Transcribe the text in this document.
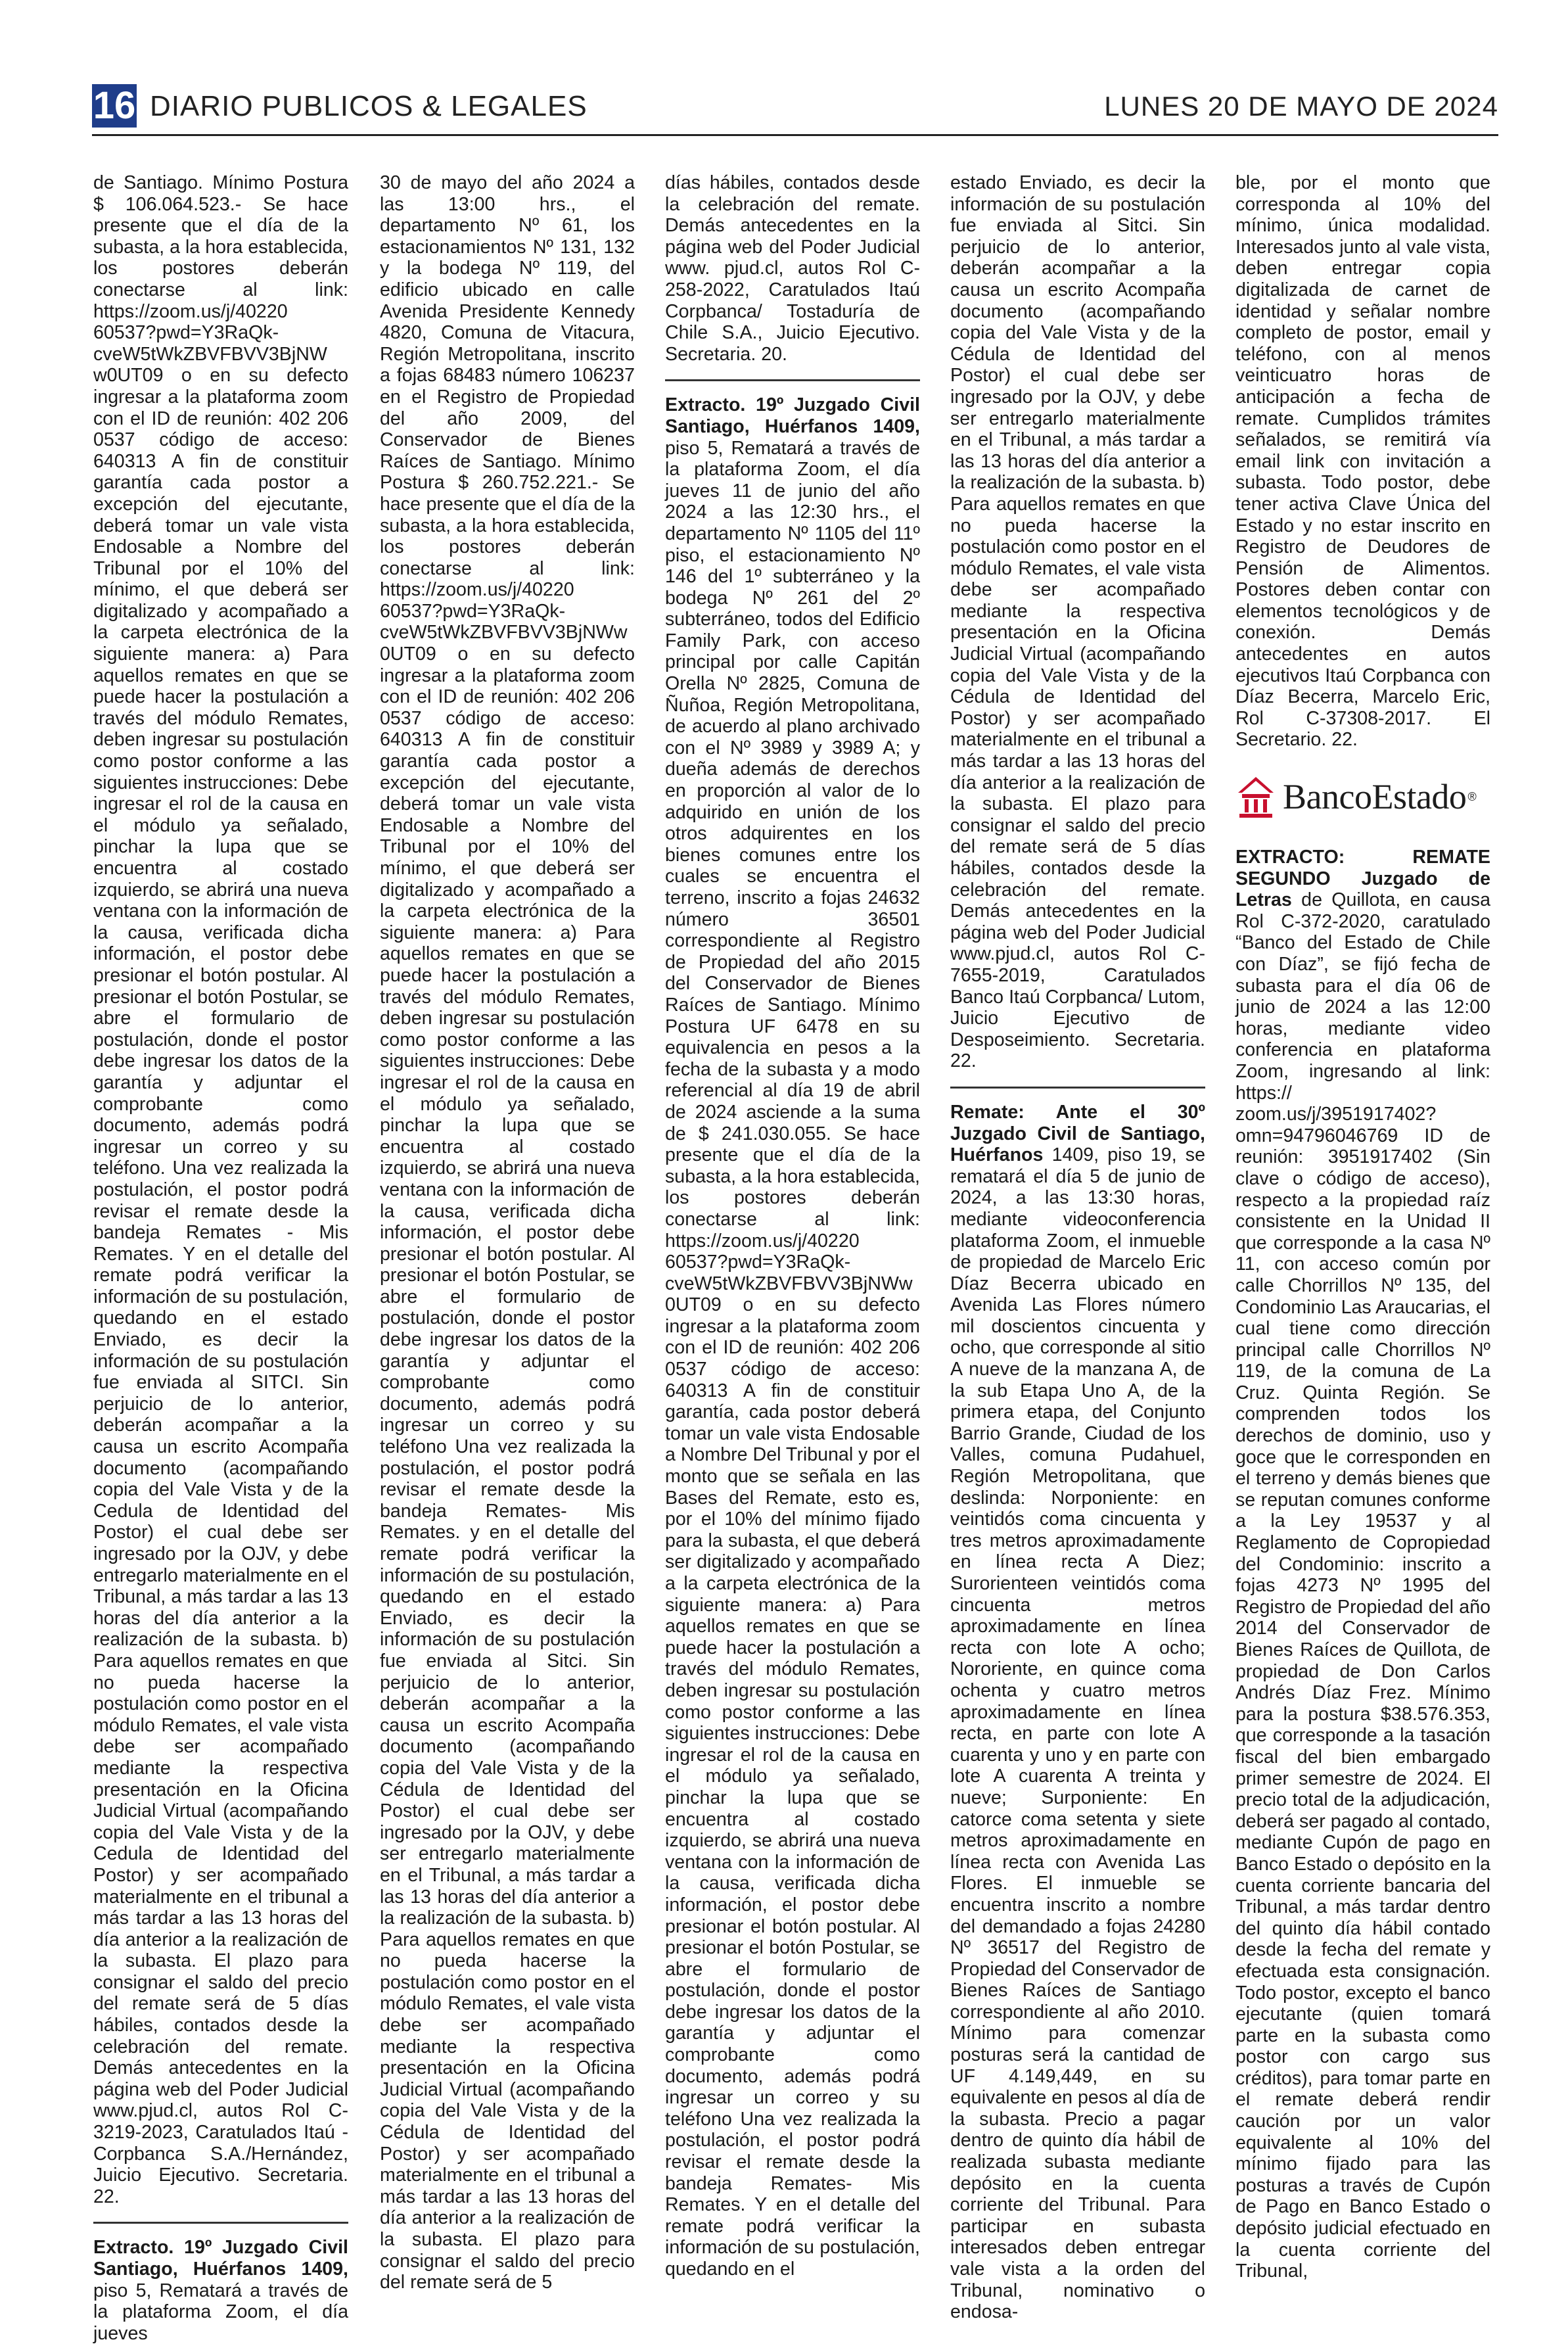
16 DIARIO PUBLICOS & LEGALES	LUNES 20 DE MAYO DE 2024

de Santiago. Mínimo Postura $ 106.064.523.- Se hace presente que el día de la subasta, a la hora establecida, los postores deberán conectarse al link: https://zoom.us/j/40220 60537?pwd=Y3RaQk-cveW5tWkZBVFBVV3BjNW w0UT09 o en su defecto ingresar a la plataforma zoom con el ID de reunión: 402 206 0537 código de acceso: 640313 A fin de constituir garantía cada postor a excepción del ejecutante, deberá tomar un vale vista Endosable a Nombre del Tribunal por el 10% del mínimo, el que deberá ser digitalizado y acompañado a la carpeta electrónica de la siguiente manera: a) Para aquellos remates en que se puede hacer la postulación a través del módulo Remates, deben ingresar su postulación como postor conforme a las siguientes instrucciones: Debe ingresar el rol de la causa en el módulo ya señalado, pinchar la lupa que se encuentra al costado izquierdo, se abrirá una nueva ventana con la información de la causa, verificada dicha información, el postor debe presionar el botón postular. Al presionar el botón Postular, se abre el formulario de postulación, donde el postor debe ingresar los datos de la garantía y adjuntar el comprobante como documento, además podrá ingresar un correo y su teléfono. Una vez realizada la postulación, el postor podrá revisar el remate desde la bandeja Remates - Mis Remates. Y en el detalle del remate podrá verificar la información de su postulación, quedando en el estado Enviado, es decir la información de su postulación fue enviada al SITCI. Sin perjuicio de lo anterior, deberán acompañar a la causa un escrito Acompaña documento (acompañando copia del Vale Vista y de la Cedula de Identidad del Postor) el cual debe ser ingresado por la OJV, y debe entregarlo materialmente en el Tribunal, a más tardar a las 13 horas del día anterior a la realización de la subasta. b) Para aquellos remates en que no pueda hacerse la postulación como postor en el módulo Remates, el vale vista debe ser acompañado mediante la respectiva presentación en la Oficina Judicial Virtual (acompañando copia del Vale Vista y de la Cedula de Identidad del Postor) y ser acompañado materialmente en el tribunal a más tardar a las 13 horas del día anterior a la realización de la subasta. El plazo para consignar el saldo del precio del remate será de 5 días hábiles, contados desde la celebración del remate. Demás antecedentes en la página web del Poder Judicial www.pjud.cl, autos Rol C-3219-2023, Caratulados Itaú - Corpbanca S.A./Hernández, Juicio Ejecutivo. Secretaria. 22.

Extracto. 19º Juzgado Civil Santiago, Huérfanos 1409, piso 5, Rematará a través de la plataforma Zoom, el día jueves

30 de mayo del año 2024 a las 13:00 hrs., el departamento Nº 61, los estacionamientos Nº 131, 132 y la bodega Nº 119, del edificio ubicado en calle Avenida Presidente Kennedy 4820, Comuna de Vitacura, Región Metropolitana, inscrito a fojas 68483 número 106237 en el Registro de Propiedad del año 2009, del Conservador de Bienes Raíces de Santiago. Mínimo Postura $ 260.752.221.- Se hace presente que el día de la subasta, a la hora establecida, los postores deberán conectarse al link: https://zoom.us/j/40220 60537?pwd=Y3RaQk-cveW5tWkZBVFBVV3BjNWw 0UT09 o en su defecto ingresar a la plataforma zoom con el ID de reunión: 402 206 0537 código de acceso: 640313 A fin de constituir garantía cada postor a excepción del ejecutante, deberá tomar un vale vista Endosable a Nombre del Tribunal por el 10% del mínimo, el que deberá ser digitalizado y acompañado a la carpeta electrónica de la siguiente manera: a) Para aquellos remates en que se puede hacer la postulación a través del módulo Remates, deben ingresar su postulación como postor conforme a las siguientes instrucciones: Debe ingresar el rol de la causa en el módulo ya señalado, pinchar la lupa que se encuentra al costado izquierdo, se abrirá una nueva ventana con la información de la causa, verificada dicha información, el postor debe presionar el botón postular. Al presionar el botón Postular, se abre el formulario de postulación, donde el postor debe ingresar los datos de la garantía y adjuntar el comprobante como documento, además podrá ingresar un correo y su teléfono Una vez realizada la postulación, el postor podrá revisar el remate desde la bandeja Remates- Mis Remates. y en el detalle del remate podrá verificar la información de su postulación, quedando en el estado Enviado, es decir la información de su postulación fue enviada al Sitci. Sin perjuicio de lo anterior, deberán acompañar a la causa un escrito Acompaña documento (acompañando copia del Vale Vista y de la Cédula de Identidad del Postor) el cual debe ser ingresado por la OJV, y debe ser entregarlo materialmente en el Tribunal, a más tardar a las 13 horas del día anterior a la realización de la subasta. b) Para aquellos remates en que no pueda hacerse la postulación como postor en el módulo Remates, el vale vista debe ser acompañado mediante la respectiva presentación en la Oficina Judicial Virtual (acompañando copia del Vale Vista y de la Cédula de Identidad del Postor) y ser acompañado materialmente en el tribunal a más tardar a las 13 horas del día anterior a la realización de la subasta. El plazo para consignar el saldo del precio del remate será de 5

días hábiles, contados desde la celebración del remate. Demás antecedentes en la página web del Poder Judicial www. pjud.cl, autos Rol C-258-2022, Caratulados Itaú Corpbanca/ Tostaduría de Chile S.A., Juicio Ejecutivo. Secretaria. 20.

Extracto. 19º Juzgado Civil Santiago, Huérfanos 1409, piso 5, Rematará a través de la plataforma Zoom, el día jueves 11 de junio del año 2024 a las 12:30 hrs., el departamento Nº 1105 del 11º piso, el estacionamiento Nº 146 del 1º subterráneo y la bodega Nº 261 del 2º subterráneo, todos del Edificio Family Park, con acceso principal por calle Capitán Orella Nº 2825, Comuna de Ñuñoa, Región Metropolitana, de acuerdo al plano archivado con el Nº 3989 y 3989 A; y dueña además de derechos en proporción al valor de lo adquirido en unión de los otros adquirentes en los bienes comunes entre los cuales se encuentra el terreno, inscrito a fojas 24632 número 36501 correspondiente al Registro de Propiedad del año 2015 del Conservador de Bienes Raíces de Santiago. Mínimo Postura UF 6478 en su equivalencia en pesos a la fecha de la subasta y a modo referencial al día 19 de abril de 2024 asciende a la suma de $ 241.030.055. Se hace presente que el día de la subasta, a la hora establecida, los postores deberán conectarse al link: https://zoom.us/j/40220 60537?pwd=Y3RaQk-cveW5tWkZBVFBVV3BjNWw 0UT09 o en su defecto ingresar a la plataforma zoom con el ID de reunión: 402 206 0537 código de acceso: 640313 A fin de constituir garantía, cada postor deberá tomar un vale vista Endosable a Nombre Del Tribunal y por el monto que se señala en las Bases del Remate, esto es, por el 10% del mínimo fijado para la subasta, el que deberá ser digitalizado y acompañado a la carpeta electrónica de la siguiente manera: a) Para aquellos remates en que se puede hacer la postulación a través del módulo Remates, deben ingresar su postulación como postor conforme a las siguientes instrucciones: Debe ingresar el rol de la causa en el módulo ya señalado, pinchar la lupa que se encuentra al costado izquierdo, se abrirá una nueva ventana con la información de la causa, verificada dicha información, el postor debe presionar el botón postular. Al presionar el botón Postular, se abre el formulario de postulación, donde el postor debe ingresar los datos de la garantía y adjuntar el comprobante como documento, además podrá ingresar un correo y su teléfono Una vez realizada la postulación, el postor podrá revisar el remate desde la bandeja Remates- Mis Remates. Y en el detalle del remate podrá verificar la información de su postulación, quedando en el

estado Enviado, es decir la información de su postulación fue enviada al Sitci. Sin perjuicio de lo anterior, deberán acompañar a la causa un escrito Acompaña documento (acompañando copia del Vale Vista y de la Cédula de Identidad del Postor) el cual debe ser ingresado por la OJV, y debe ser entregarlo materialmente en el Tribunal, a más tardar a las 13 horas del día anterior a la realización de la subasta. b) Para aquellos remates en que no pueda hacerse la postulación como postor en el módulo Remates, el vale vista debe ser acompañado mediante la respectiva presentación en la Oficina Judicial Virtual (acompañando copia del Vale Vista y de la Cédula de Identidad del Postor) y ser acompañado materialmente en el tribunal a más tardar a las 13 horas del día anterior a la realización de la subasta. El plazo para consignar el saldo del precio del remate será de 5 días hábiles, contados desde la celebración del remate. Demás antecedentes en la página web del Poder Judicial www.pjud.cl, autos Rol C-7655-2019, Caratulados Banco Itaú Corpbanca/ Lutom, Juicio Ejecutivo de Desposeimiento. Secretaria. 22.

Remate: Ante el 30º Juzgado Civil de Santiago, Huérfanos 1409, piso 19, se rematará el día 5 de junio de 2024, a las 13:30 horas, mediante videoconferencia plataforma Zoom, el inmueble de propiedad de Marcelo Eric Díaz Becerra ubicado en Avenida Las Flores número mil doscientos cincuenta y ocho, que corresponde al sitio A nueve de la manzana A, de la sub Etapa Uno A, de la primera etapa, del Conjunto Barrio Grande, Ciudad de los Valles, comuna Pudahuel, Región Metropolitana, que deslinda: Norponiente: en veintidós coma cincuenta y tres metros aproximadamente en línea recta A Diez; Surorienteen veintidós coma cincuenta metros aproximadamente en línea recta con lote A ocho; Nororiente, en quince coma ochenta y cuatro metros aproximadamente en línea recta, en parte con lote A cuarenta y uno y en parte con lote A cuarenta A treinta y nueve; Surponiente: En catorce coma setenta y siete metros aproximadamente en línea recta con Avenida Las Flores. El inmueble se encuentra inscrito a nombre del demandado a fojas 24280 Nº 36517 del Registro de Propiedad del Conservador de Bienes Raíces de Santiago correspondiente al año 2010. Mínimo para comenzar posturas será la cantidad de UF 4.149,449, en su equivalente en pesos al día de la subasta. Precio a pagar dentro de quinto día hábil de realizada subasta mediante depósito en la cuenta corriente del Tribunal. Para participar en subasta interesados deben entregar vale vista a la orden del Tribunal, nominativo o endosa-

ble, por el monto que corresponda al 10% del mínimo, única modalidad. Interesados junto al vale vista, deben entregar copia digitalizada de carnet de identidad y señalar nombre completo de postor, email y teléfono, con al menos veinticuatro horas de anticipación a fecha de remate. Cumplidos trámites señalados, se remitirá vía email link con invitación a subasta. Todo postor, debe tener activa Clave Única del Estado y no estar inscrito en Registro de Deudores de Pensión de Alimentos. Postores deben contar con elementos tecnológicos y de conexión. Demás antecedentes en autos ejecutivos Itaú Corpbanca con Díaz Becerra, Marcelo Eric, Rol C-37308-2017. El Secretario. 22.

BancoEstado ®

EXTRACTO: REMATE SEGUNDO Juzgado de Letras de Quillota, en causa Rol C-372-2020, caratulado “Banco del Estado de Chile con Díaz”, se fijó fecha de subasta para el día 06 de junio de 2024 a las 12:00 horas, mediante video conferencia en plataforma Zoom, ingresando al link: https:// zoom.us/j/3951917402?omn=94796046769 ID de reunión: 3951917402 (Sin clave o código de acceso), respecto a la propiedad raíz consistente en la Unidad II que corresponde a la casa Nº 11, con acceso común por calle Chorrillos Nº 135, del Condominio Las Araucarias, el cual tiene como dirección principal calle Chorrillos Nº 119, de la comuna de La Cruz. Quinta Región. Se comprenden todos los derechos de dominio, uso y goce que le corresponden en el terreno y demás bienes que se reputan comunes conforme a la Ley 19537 y al Reglamento de Copropiedad del Condominio: inscrito a fojas 4273 Nº 1995 del Registro de Propiedad del año 2014 del Conservador de Bienes Raíces de Quillota, de propiedad de Don Carlos Andrés Díaz Frez. Mínimo para la postura $38.576.353, que corresponde a la tasación fiscal del bien embargado primer semestre de 2024. El precio total de la adjudicación, deberá ser pagado al contado, mediante Cupón de pago en Banco Estado o depósito en la cuenta corriente bancaria del Tribunal, a más tardar dentro del quinto día hábil contado desde la fecha del remate y efectuada esta consignación. Todo postor, excepto el banco ejecutante (quien tomará parte en la subasta como postor con cargo sus créditos), para tomar parte en el remate deberá rendir caución por un valor equivalente al 10% del mínimo fijado para las posturas a través de Cupón de Pago en Banco Estado o depósito judicial efectuado en la cuenta corriente del Tribunal,
